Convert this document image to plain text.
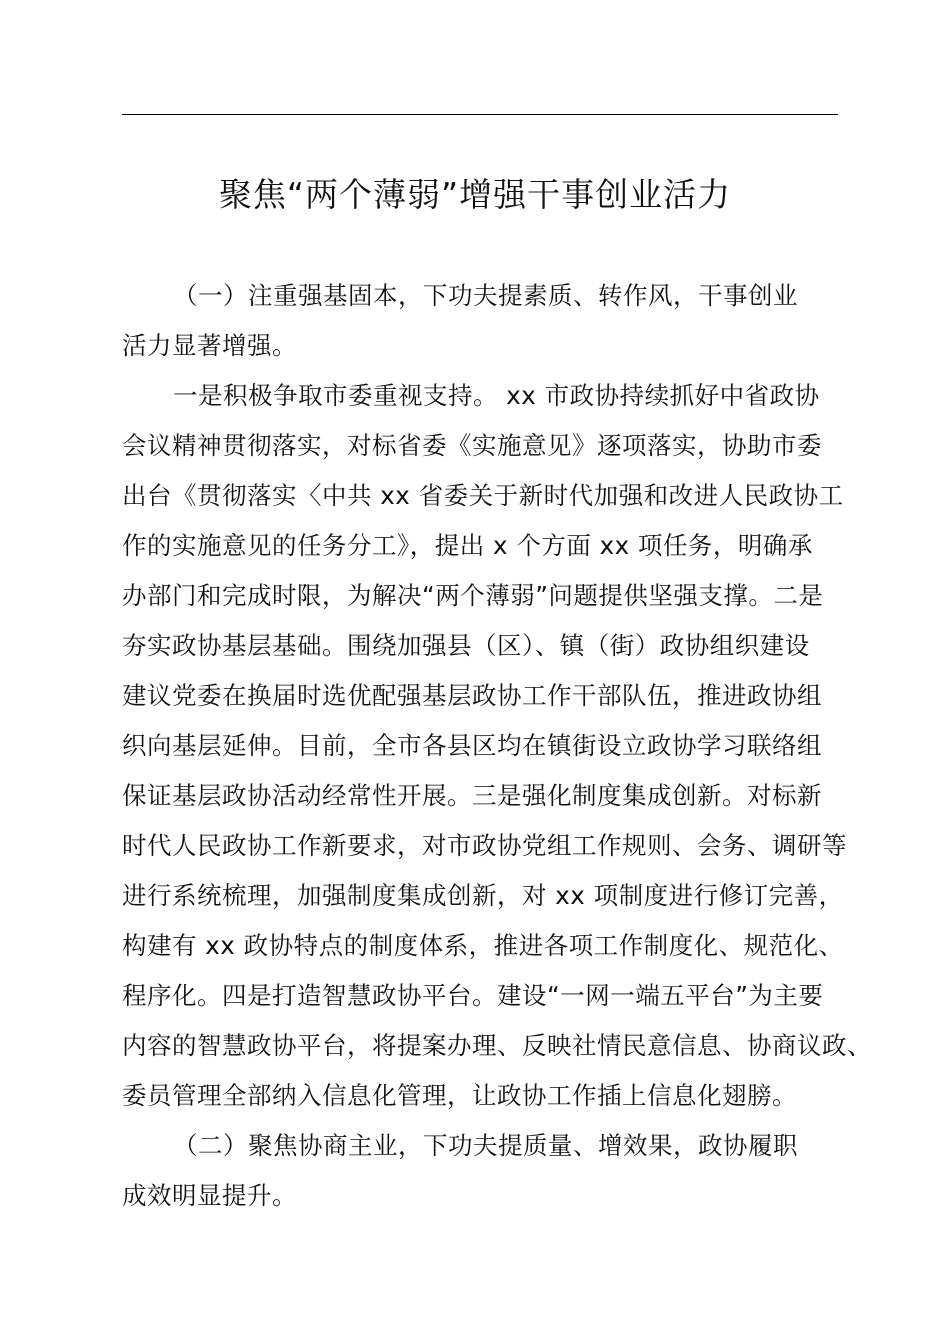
聚焦“两个薄弱”增强干事创业活力
（一）注重强基固本，下功夫提素质、转作风，干事创业
活力显著增强。
一是积极争取市委重视支持。 xx 市政协持续抓好中省政协
会议精神贯彻落实，对标省委《实施意见》逐项落实，协助市委
出台《贯彻落实〈中共 xx 省委关于新时代加强和改进人民政协工
作的实施意见的任务分工》，提出 x 个方面 xx 项任务，明确承
办部门和完成时限，为解决“两个薄弱”问题提供坚强支撑。二是
夯实政协基层基础。围绕加强县（区）、镇（街）政协组织建设
建议党委在换届时选优配强基层政协工作干部队伍，推进政协组
织向基层延伸。目前，全市各县区均在镇街设立政协学习联络组
保证基层政协活动经常性开展。三是强化制度集成创新。对标新
时代人民政协工作新要求，对市政协党组工作规则、会务、调研等
进行系统梳理，加强制度集成创新，对 xx 项制度进行修订完善，
构建有 xx 政协特点的制度体系，推进各项工作制度化、规范化、
程序化。四是打造智慧政协平台。建设“一网一端五平台”为主要
内容的智慧政协平台，将提案办理、反映社情民意信息、协商议政、
委员管理全部纳入信息化管理，让政协工作插上信息化翅膀。
（二）聚焦协商主业，下功夫提质量、增效果，政协履职
成效明显提升。
